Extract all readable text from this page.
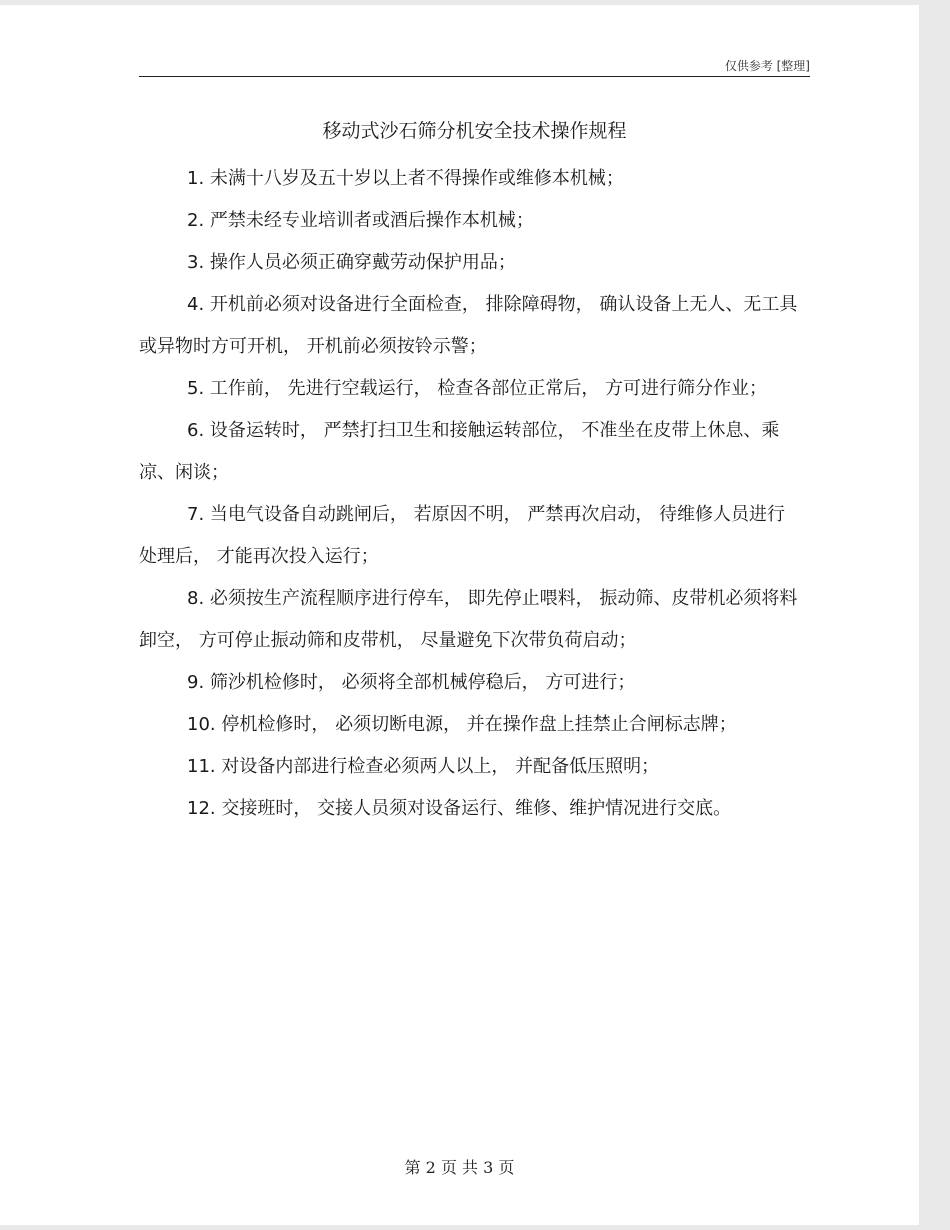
仅供参考 [整理]
移动式沙石筛分机安全技术操作规程

1. 未满十八岁及五十岁以上者不得操作或维修本机械；

2. 严禁未经专业培训者或酒后操作本机械；

3. 操作人员必须正确穿戴劳动保护用品；

4. 开机前必须对设备进行全面检查， 排除障碍物， 确认设备上无人、无工具或异物时方可开机， 开机前必须按铃示警；

5. 工作前， 先进行空载运行， 检查各部位正常后， 方可进行筛分作业；

6. 设备运转时， 严禁打扫卫生和接触运转部位， 不准坐在皮带上休息、乘凉、闲谈；

7. 当电气设备自动跳闸后， 若原因不明， 严禁再次启动， 待维修人员进行处理后， 才能再次投入运行；

8. 必须按生产流程顺序进行停车， 即先停止喂料， 振动筛、皮带机必须将料卸空， 方可停止振动筛和皮带机， 尽量避免下次带负荷启动；

9. 筛沙机检修时， 必须将全部机械停稳后， 方可进行；

10. 停机检修时， 必须切断电源， 并在操作盘上挂禁止合闸标志牌；

11. 对设备内部进行检查必须两人以上， 并配备低压照明；

12. 交接班时， 交接人员须对设备运行、维修、维护情况进行交底。

第 2 页 共 3 页
